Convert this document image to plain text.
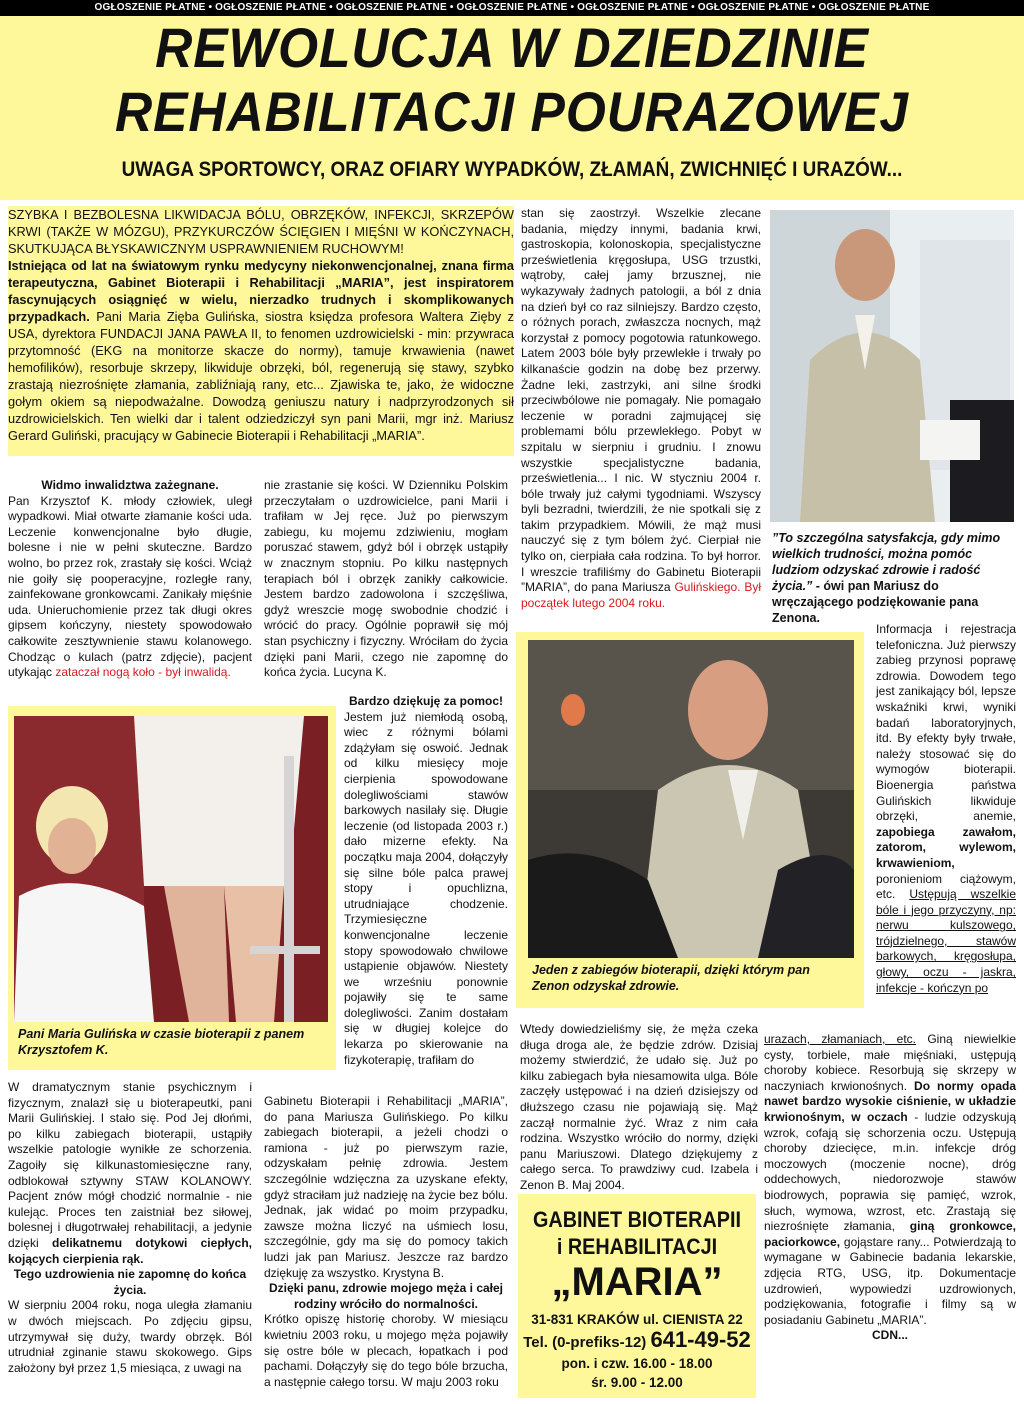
OGŁOSZENIE PŁATNE • OGŁOSZENIE PŁATNE • OGŁOSZENIE PŁATNE • OGŁOSZENIE PŁATNE • OGŁOSZENIE PŁATNE • OGŁOSZENIE PŁATNE • OGŁOSZENIE PŁATNE
REWOLUCJA W DZIEDZINIE
REHABILITACJI POURAZOWEJ
UWAGA SPORTOWCY, ORAZ OFIARY WYPADKÓW, ZŁAMAŃ, ZWICHNIĘĆ I URAZÓW...

SZYBKA I BEZBOLESNA LIKWIDACJA BÓLU, OBRZĘKÓW, INFEKCJI, SKRZEPÓW KRWI (TAKŻE W MÓZGU), PRZYKURCZÓW ŚCIĘGIEN I MIĘŚNI W KOŃCZYNACH, SKUTKUJĄCA BŁYSKAWICZNYM USPRAWNIENIEM RUCHOWYM!
Istniejąca od lat na światowym rynku medycyny niekonwencjonalnej, znana firma terapeutyczna, Gabinet Bioterapii i Rehabilitacji „MARIA”, jest inspiratorem fascynujących osiągnięć w wielu, nierzadko trudnych i skomplikowanych przypadkach. Pani Maria Zięba Gulińska, siostra księdza profesora Waltera Zięby z USA, dyrektora FUNDACJI JANA PAWŁA II, to fenomen uzdrowicielski - min: przywraca przytomność (EKG na monitorze skacze do normy), tamuje krwawienia (nawet hemofilików), resorbuje skrzepy, likwiduje obrzęki, ból, regenerują się stawy, szybko zrastają niezrośnięte złamania, zabliźniają rany, etc... Zjawiska te, jako, że widoczne gołym okiem są niepodważalne. Dowodzą geniuszu natury i nadprzyrodzonych sił uzdrowicielskich. Ten wielki dar i talent odziedziczył syn pani Marii, mgr inż. Mariusz Gerard Guliński, pracujący w Gabinecie Bioterapii i Rehabilitacji „MARIA”.

Widmo inwalidztwa zażegnane.

Pan Krzysztof K. młody człowiek, uległ wypadkowi. Miał otwarte złamanie kości uda. Leczenie konwencjonalne było długie, bolesne i nie w pełni skuteczne. Bardzo wolno, bo przez rok, zrastały się kości. Wciąż nie goiły się pooperacyjne, rozległe rany, zainfekowane gronkowcami. Zanikały mięśnie uda. Unieruchomienie przez tak długi okres gipsem kończyny, niestety spowodowało całkowite zesztywnienie stawu kolanowego. Chodząc o kulach (patrz zdjęcie), pacjent utykając zataczał nogą koło - był inwalidą.

nie zrastanie się kości. W Dzienniku Polskim przeczytałam o uzdrowicielce, pani Marii i trafiłam w Jej ręce. Już po pierwszym zabiegu, ku mojemu zdziwieniu, mogłam poruszać stawem, gdyż ból i obrzęk ustąpiły w znacznym stopniu. Po kilku następnych terapiach ból i obrzęk zanikły całkowicie. Jestem bardzo zadowolona i szczęśliwa, gdyż wreszcie mogę swobodnie chodzić i wrócić do pracy. Ogólnie poprawił się mój stan psychiczny i fizyczny. Wróciłam do życia dzięki pani Marii, czego nie zapomnę do końca życia. Lucyna K.

stan się zaostrzył. Wszelkie zlecane badania, między innymi, badania krwi, gastroskopia, kolonoskopia, specjalistyczne prześwietlenia kręgosłupa, USG trzustki, wątroby, całej jamy brzusznej, nie wykazywały żadnych patologii, a ból z dnia na dzień był co raz silniejszy. Bardzo często, o różnych porach, zwłaszcza nocnych, mąż korzystał z pomocy pogotowia ratunkowego. Latem 2003 bóle były przewlekłe i trwały po kilkanaście godzin na dobę bez przerwy. Żadne leki, zastrzyki, ani silne środki przeciwbólowe nie pomagały. Nie pomagało leczenie w poradni zajmującej się problemami bólu przewlekłego. Pobyt w szpitalu w sierpniu i grudniu. I znowu wszystkie specjalistyczne badania, prześwietlenia... I nic. W styczniu 2004 r. bóle trwały już całymi tygodniami. Wszyscy byli bezradni, twierdzili, że nie spotkali się z takim przypadkiem. Mówili, że mąż musi nauczyć się z tym bólem żyć. Cierpiał nie tylko on, cierpiała cała rodzina. To był horror. I wreszcie trafiliśmy do Gabinetu Bioterapii ”MARIA”, do pana Mariusza Gulińskiego. Był początek lutego 2004 roku.

”To szczególna satysfakcja, gdy mimo wielkich trudności, można pomóc ludziom odzyskać zdrowie i radość życia.” - ówi pan Mariusz do wręczającego podziękowanie pana Zenona.
Jeden z zabiegów bioterapii, dzięki którym pan Zenon odzyskał zdrowie.
Pani Maria Gulińska w czasie bioterapii z panem Krzysztofem K.

Bardzo dziękuję za pomoc!

Jestem już niemłodą osobą, wiec z różnymi bólami zdążyłam się oswoić. Jednak od kilku miesięcy moje cierpienia spowodowane dolegliwościami stawów barkowych nasilały się. Długie leczenie (od listopada 2003 r.) dało mizerne efekty. Na początku maja 2004, dołączyły się silne bóle palca prawej stopy i opuchlizna, utrudniające chodzenie. Trzymiesięczne konwencjonalne leczenie stopy spowodowało chwilowe ustąpienie objawów. Niestety we wrześniu ponownie pojawiły się te same dolegliwości. Zanim dostałam się w długiej kolejce do lekarza po skierowanie na fizykoterapię, trafiłam do

Gabinetu Bioterapii i Rehabilitacji „MARIA”, do pana Mariusza Gulińskiego. Po kilku zabiegach bioterapii, a jeżeli chodzi o ramiona - już po pierwszym razie, odzyskałam pełnię zdrowia. Jestem szczególnie wdzięczna za uzyskane efekty, gdyż straciłam już nadzieję na życie bez bólu. Jednak, jak widać po moim przypadku, zawsze można liczyć na uśmiech losu, szczególnie, gdy ma się do pomocy takich ludzi jak pan Mariusz. Jeszcze raz bardzo dziękuję za wszystko. Krystyna B.

Dzięki panu, zdrowie mojego męża i całej rodziny wróciło do normalności.

Krótko opiszę historię choroby. W miesiącu kwietniu 2003 roku, u mojego męża pojawiły się ostre bóle w plecach, łopatkach i pod pachami. Dołączyły się do tego bóle brzucha, a następnie całego torsu. W maju 2003 roku

W dramatycznym stanie psychicznym i fizycznym, znalazł się u bioterapeutki, pani Marii Gulińskiej. I stało się. Pod Jej dłońmi, po kilku zabiegach bioterapii, ustąpiły wszelkie patologie wynikłe ze schorzenia. Zagoiły się kilkunastomiesięczne rany, odblokował sztywny STAW KOLANOWY. Pacjent znów mógł chodzić normalnie - nie kulejąc. Proces ten zaistniał bez siłowej, bolesnej i długotrwałej rehabilitacji, a jedynie dzięki delikatnemu dotykowi ciepłych, kojących cierpienia rąk.

Tego uzdrowienia nie zapomnę do końca życia.

W sierpniu 2004 roku, noga uległa złamaniu w dwóch miejscach. Po zdjęciu gipsu, utrzymywał się duży, twardy obrzęk. Ból utrudniał zginanie stawu skokowego. Gips założony był przez 1,5 miesiąca, z uwagi na

Wtedy dowiedzieliśmy się, że męża czeka długa droga ale, że będzie zdrów. Dzisiaj możemy stwierdzić, że udało się. Już po kilku zabiegach była niesamowita ulga. Bóle zaczęły ustępować i na dzień dzisiejszy od dłuższego czasu nie pojawiają się. Mąż zaczął normalnie żyć. Wraz z nim cała rodzina. Wszystko wróciło do normy, dzięki panu Mariuszowi. Dlatego dziękujemy z całego serca. To prawdziwy cud. Izabela i Zenon B. Maj 2004.

Informacja i rejestracja telefoniczna. Już pierwszy zabieg przynosi poprawę zdrowia. Dowodem tego jest zanikający ból, lepsze wskaźniki krwi, wyniki badań laboratoryjnych, itd. By efekty były trwałe, należy stosować się do wymogów bioterapii. Bioenergia państwa Gulińskich likwiduje obrzęki, anemie, zapobiega zawałom, zatorom, wylewom, krwawieniom, poronieniom ciążowym, etc. Ustępują wszelkie bóle i jego przyczyny, np: nerwu kulszowego, trójdzielnego, stawów barkowych, kręgosłupa, głowy, oczu - jaskra, infekcje - kończyn po

urazach, złamaniach, etc. Giną niewielkie cysty, torbiele, małe mięśniaki, ustępują choroby kobiece. Resorbują się skrzepy w naczyniach krwionośnych. Do normy opada nawet bardzo wysokie ciśnienie, w układzie krwionośnym, w oczach - ludzie odzyskują wzrok, cofają się schorzenia oczu. Ustępują choroby dziecięce, m.in. infekcje dróg moczowych (moczenie nocne), dróg oddechowych, niedorozwoje stawów biodrowych, poprawia się pamięć, wzrok, słuch, wymowa, wzrost, etc. Zrastają się niezrośnięte złamania, giną gronkowce, paciorkowce, gojąstare rany... Potwierdzają to wymagane w Gabinecie badania lekarskie, zdjęcia RTG, USG, itp. Dokumentacje uzdrowień, wypowiedzi uzdrowionych, podziękowania, fotografie i filmy są w posiadaniu Gabinetu „MARIA”.

CDN...

GABINET BIOTERAPII
i REHABILITACJI
„MARIA”
31-831 KRAKÓW ul. CIENISTA 22
Tel. (0-prefiks-12) 641-49-52
pon. i czw. 16.00 - 18.00
śr. 9.00 - 12.00
